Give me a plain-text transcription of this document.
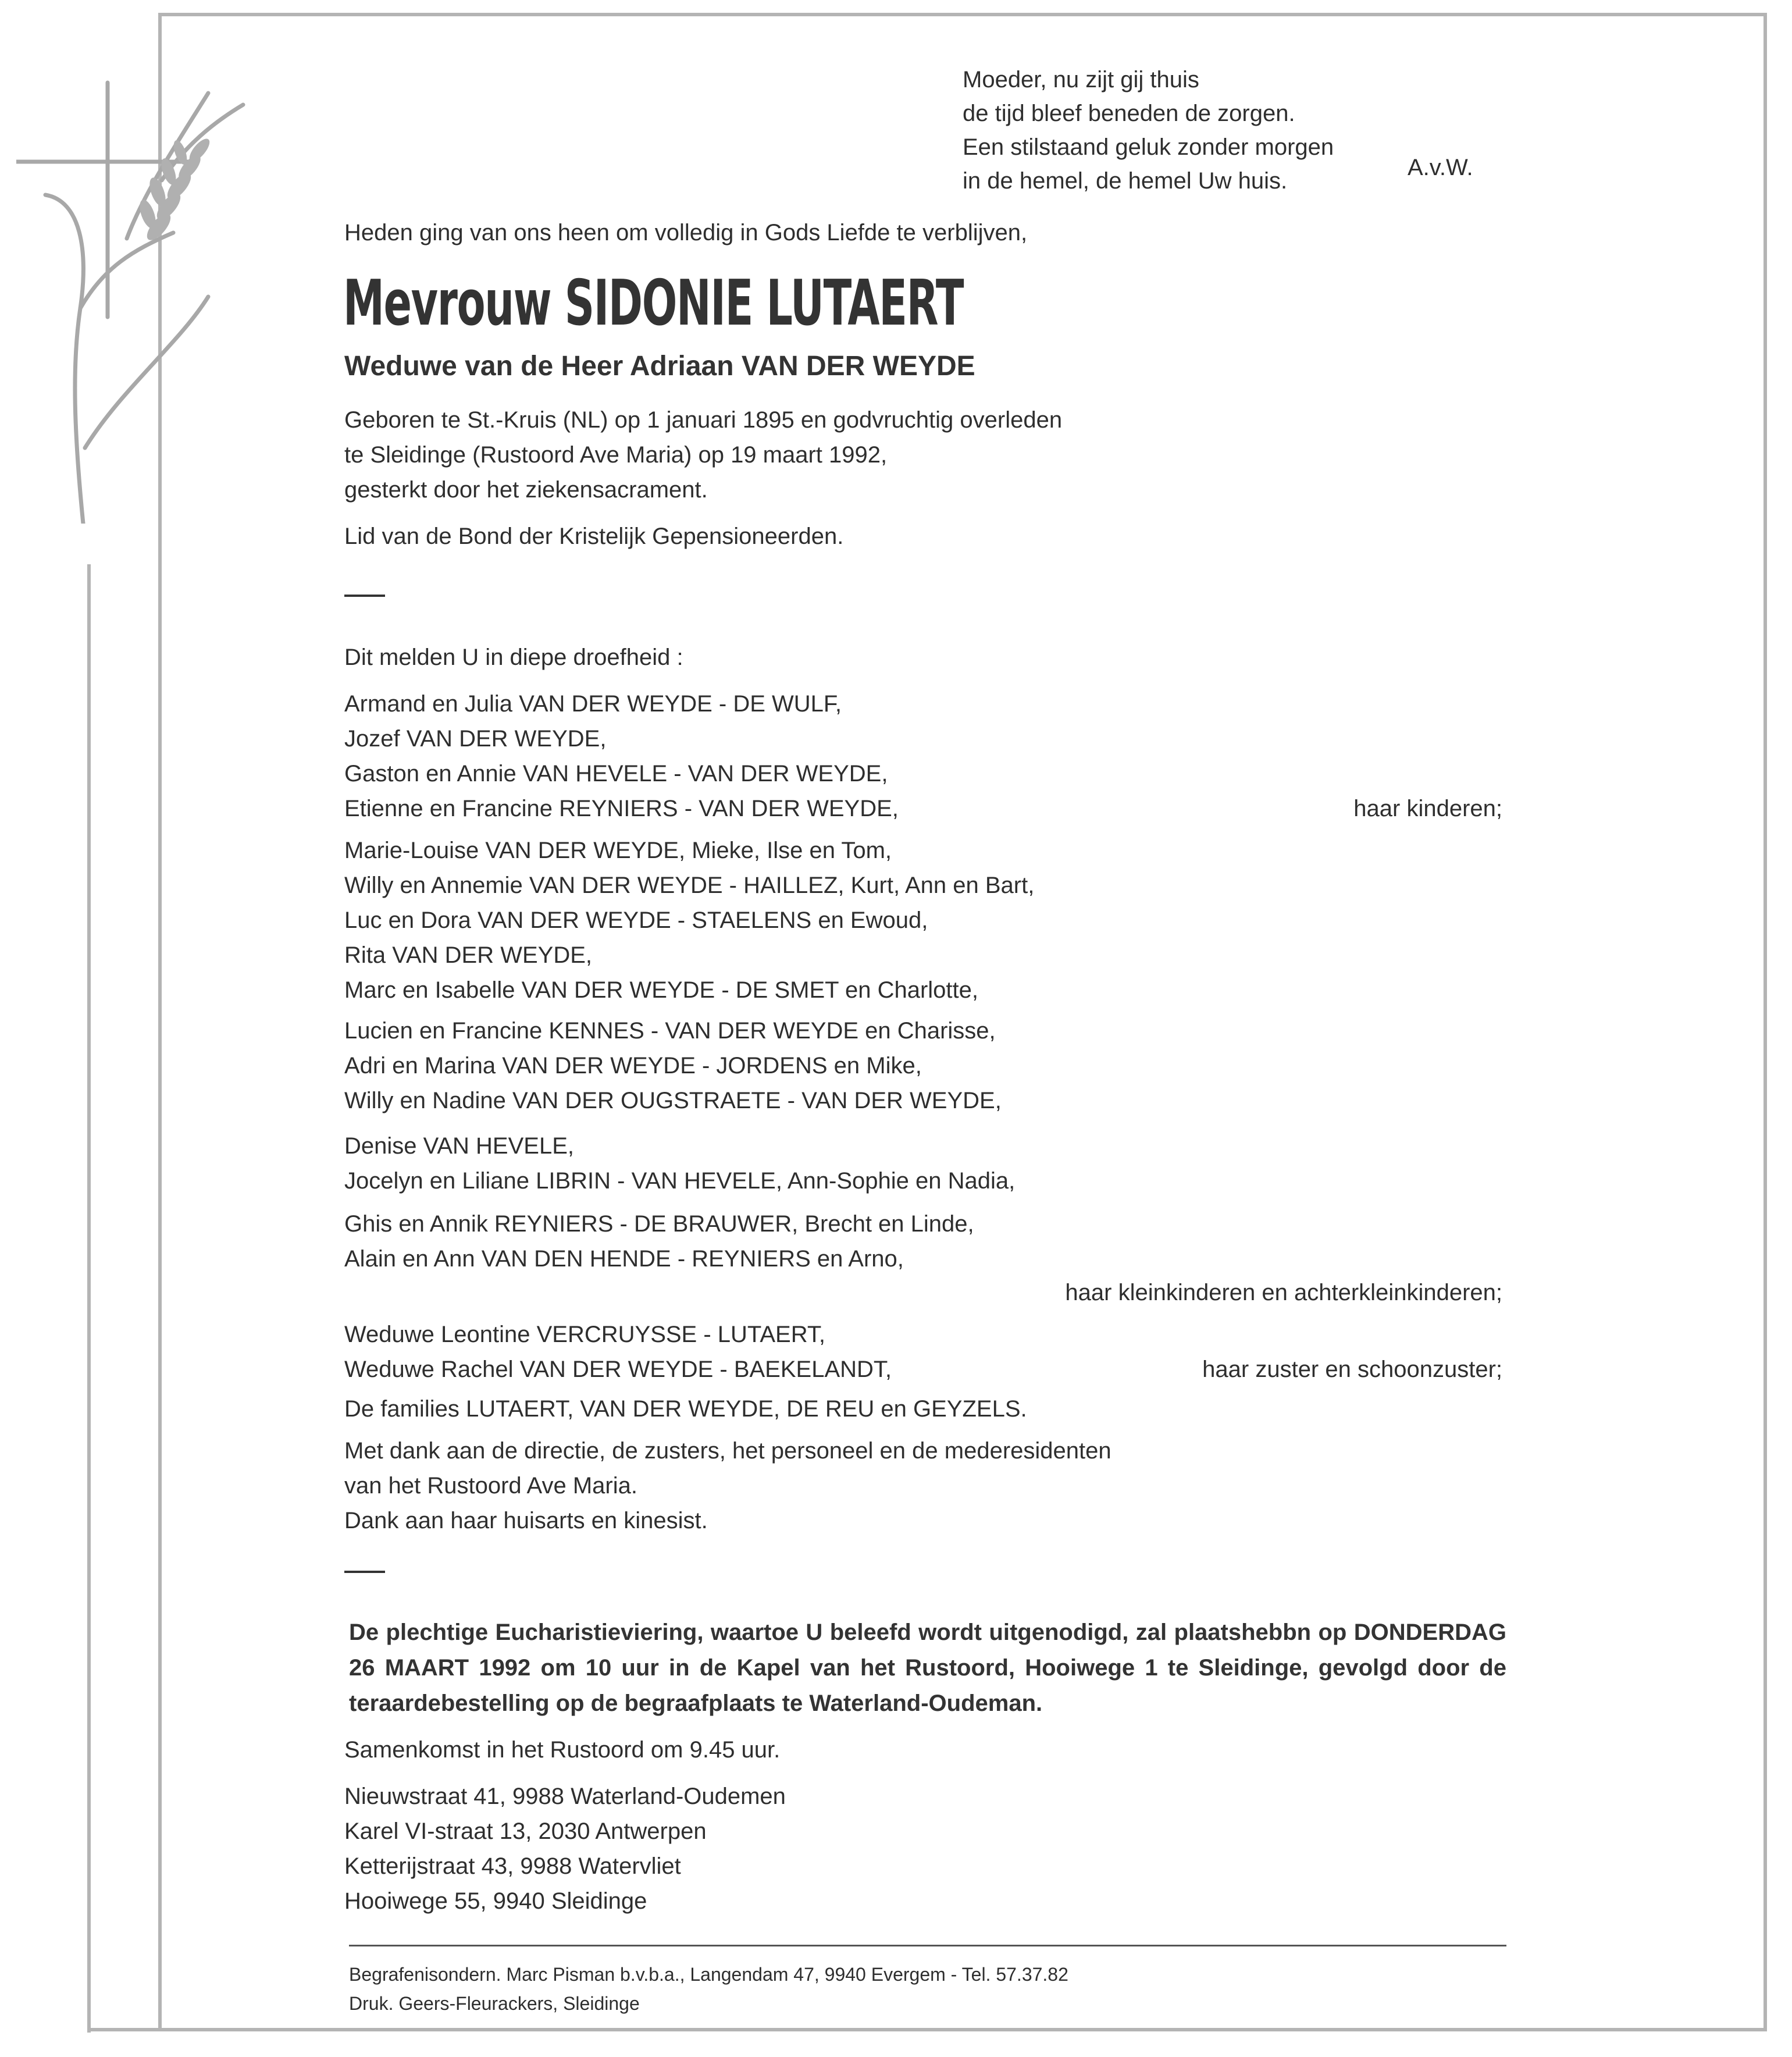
Moeder, nu zijt gij thuis
de tijd bleef beneden de zorgen.
Een stilstaand geluk zonder morgen
in de hemel, de hemel Uw huis.
A.v.W.
Heden ging van ons heen om volledig in Gods Liefde te verblijven,
Mevrouw SIDONIE LUTAERT
Weduwe van de Heer Adriaan VAN DER WEYDE
Geboren te St.-Kruis (NL) op 1 januari 1895 en godvruchtig overleden
te Sleidinge (Rustoord Ave Maria) op 19 maart 1992,
gesterkt door het ziekensacrament.
Lid van de Bond der Kristelijk Gepensioneerden.
Dit melden U in diepe droefheid :
Armand en Julia VAN DER WEYDE - DE WULF,
Jozef VAN DER WEYDE,
Gaston en Annie VAN HEVELE - VAN DER WEYDE,
Etienne en Francine REYNIERS - VAN DER WEYDE,	haar kinderen;
Marie-Louise VAN DER WEYDE, Mieke, Ilse en Tom,
Willy en Annemie VAN DER WEYDE - HAILLEZ, Kurt, Ann en Bart,
Luc en Dora VAN DER WEYDE - STAELENS en Ewoud,
Rita VAN DER WEYDE,
Marc en Isabelle VAN DER WEYDE - DE SMET en Charlotte,
Lucien en Francine KENNES - VAN DER WEYDE en Charisse,
Adri en Marina VAN DER WEYDE - JORDENS en Mike,
Willy en Nadine VAN DER OUGSTRAETE - VAN DER WEYDE,
Denise VAN HEVELE,
Jocelyn en Liliane LIBRIN - VAN HEVELE, Ann-Sophie en Nadia,
Ghis en Annik REYNIERS - DE BRAUWER, Brecht en Linde,
Alain en Ann VAN DEN HENDE - REYNIERS en Arno,
haar kleinkinderen en achterkleinkinderen;
Weduwe Leontine VERCRUYSSE - LUTAERT,
Weduwe Rachel VAN DER WEYDE - BAEKELANDT,	haar zuster en schoonzuster;
De families LUTAERT, VAN DER WEYDE, DE REU en GEYZELS.
Met dank aan de directie, de zusters, het personeel en de mederesidenten
van het Rustoord Ave Maria.
Dank aan haar huisarts en kinesist.
De plechtige Eucharistieviering, waartoe U beleefd wordt uitgenodigd, zal plaatshebbn op DONDERDAG 26 MAART 1992 om 10 uur in de Kapel van het Rustoord, Hooiwege 1 te Sleidinge, gevolgd door de teraardebestelling op de begraafplaats te Waterland-Oudeman.
Samenkomst in het Rustoord om 9.45 uur.
Nieuwstraat 41, 9988 Waterland-Oudemen
Karel VI-straat 13, 2030 Antwerpen
Ketterijstraat 43, 9988 Watervliet
Hooiwege 55, 9940 Sleidinge
Begrafenisondern. Marc Pisman b.v.b.a., Langendam 47, 9940 Evergem - Tel. 57.37.82
Druk. Geers-Fleurackers, Sleidinge
